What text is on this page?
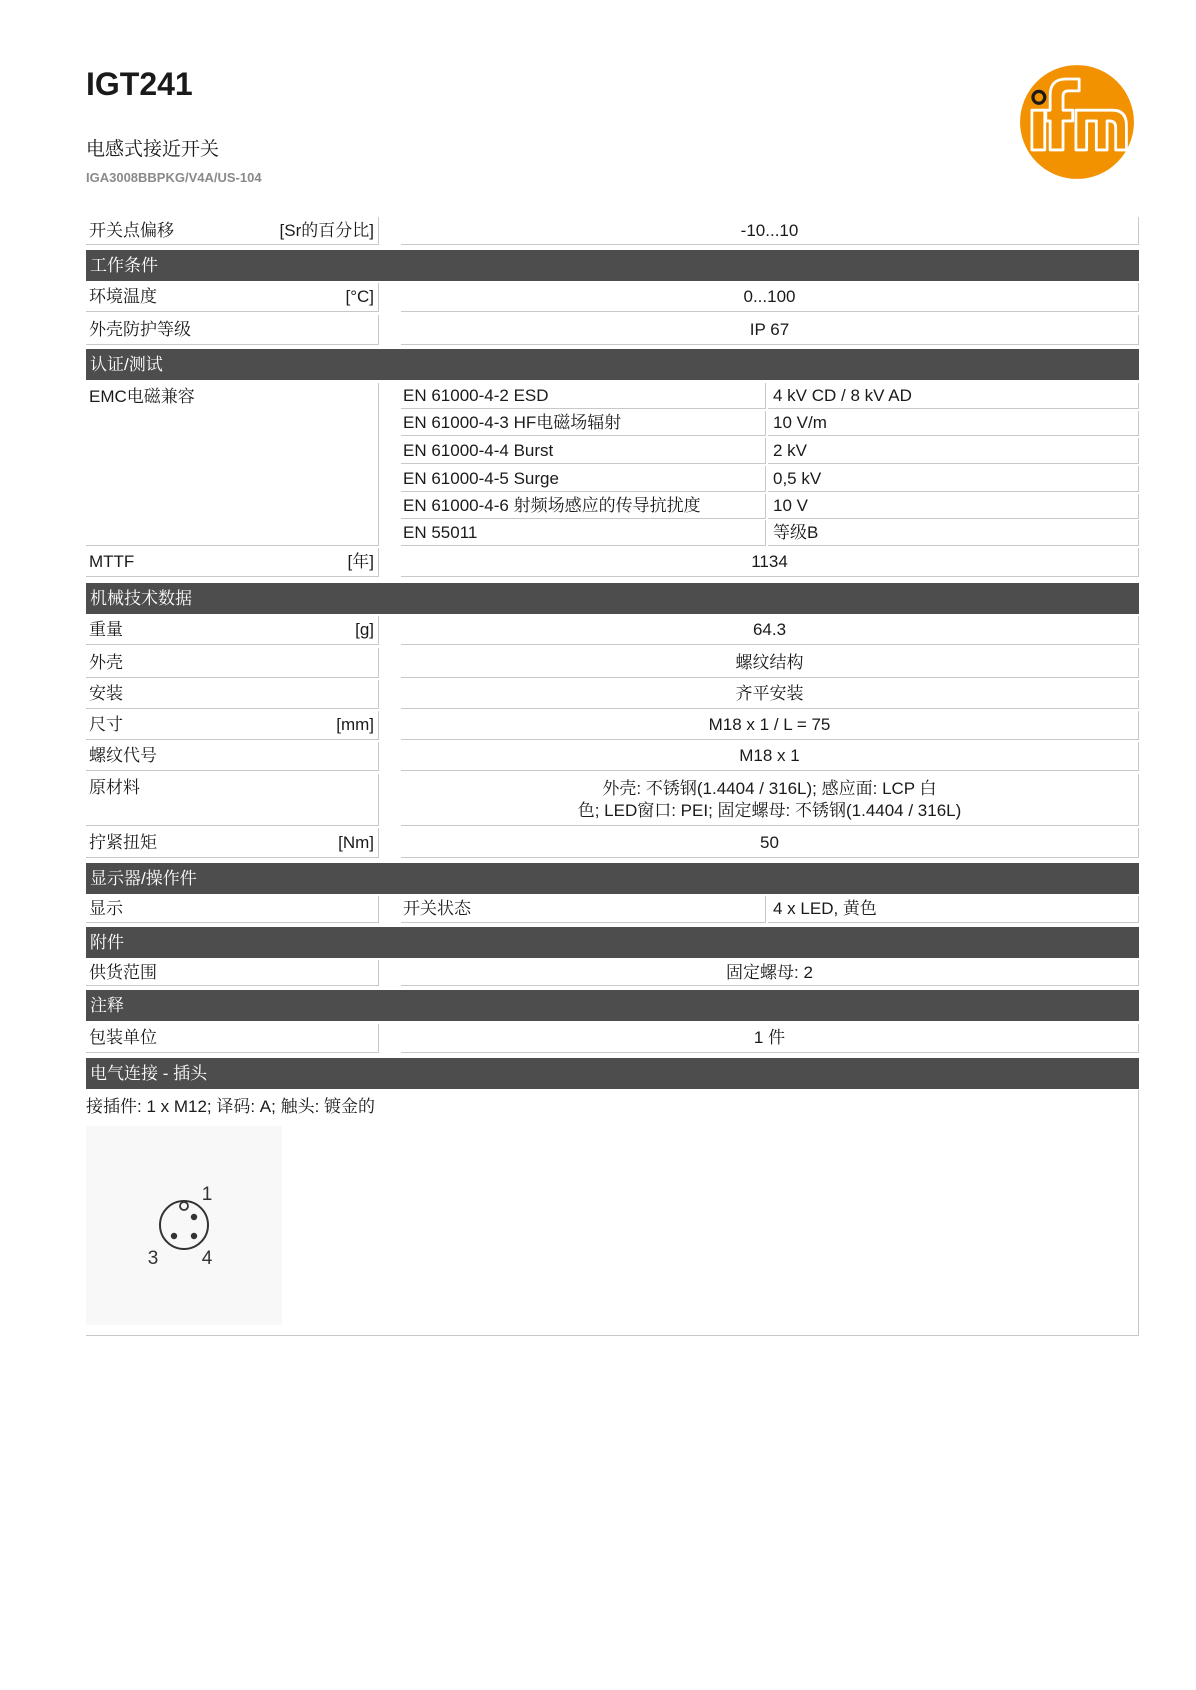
IGT241
电感式接近开关
IGA3008BBPKG/V4A/US-104
开关点偏移	[Sr的百分比]	-10...10
工作条件
环境温度	[°C]	0...100
外壳防护等级	IP 67
认证/测试
EMC电磁兼容	EN 61000-4-2 ESD	4 kV CD / 8 kV AD
EN 61000-4-3 HF电磁场辐射	10 V/m
EN 61000-4-4 Burst	2 kV
EN 61000-4-5 Surge	0,5 kV
EN 61000-4-6 射频场感应的传导抗扰度	10 V
EN 55011	等级B
MTTF	[年]	1134
机械技术数据
重量	[g]	64.3
外壳	螺纹结构
安装	齐平安装
尺寸	[mm]	M18 x 1 / L = 75
螺纹代号	M18 x 1
原材料	外壳: 不锈钢(1.4404 / 316L); 感应面: LCP 白
色; LED窗口: PEI; 固定螺母: 不锈钢(1.4404 / 316L)
拧紧扭矩	[Nm]	50
显示器/操作件
显示	开关状态	4 x LED, 黄色
附件
供货范围	固定螺母: 2
注释
包装单位	1 件
电气连接 - 插头
接插件: 1 x M12; 译码: A; 触头: 镀金的
1
3 4
